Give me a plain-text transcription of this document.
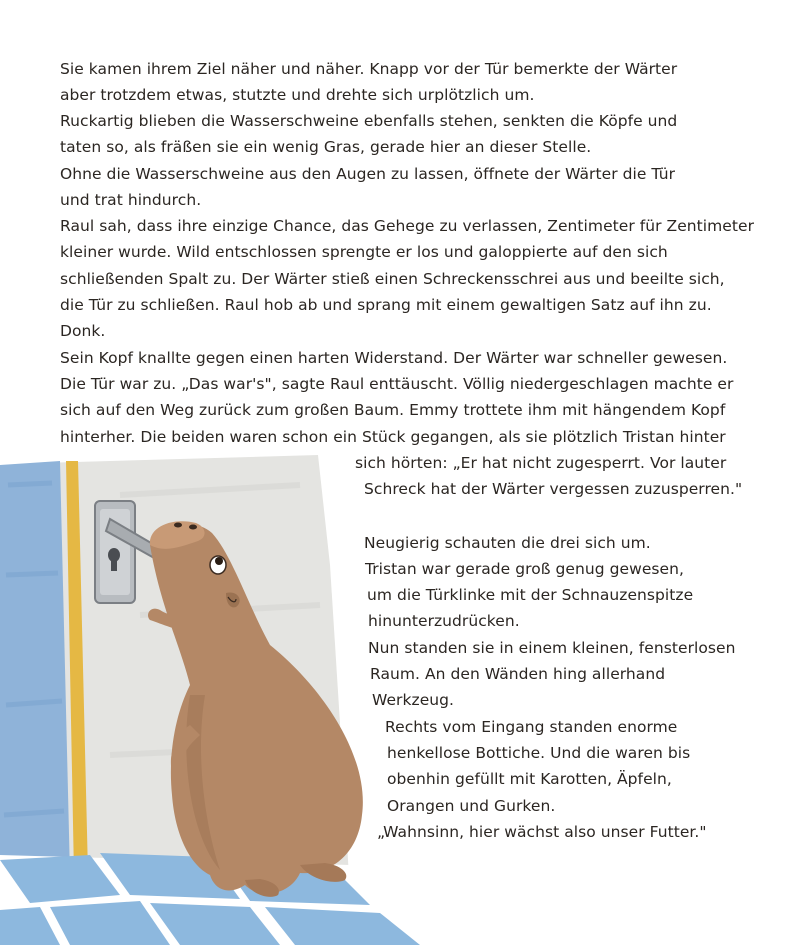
Sie kamen ihrem Ziel näher und näher. Knapp vor der Tür bemerkte der Wärter
aber trotzdem etwas, stutzte und drehte sich urplötzlich um.
Ruckartig blieben die Wasserschweine ebenfalls stehen, senkten die Köpfe und
taten so, als fräßen sie ein wenig Gras, gerade hier an dieser Stelle.
Ohne die Wasserschweine aus den Augen zu lassen, öffnete der Wärter die Tür
und trat hindurch.
Raul sah, dass ihre einzige Chance, das Gehege zu verlassen, Zentimeter für Zentimeter
kleiner wurde. Wild entschlossen sprengte er los und galoppierte auf den sich
schließenden Spalt zu. Der Wärter stieß einen Schreckensschrei aus und beeilte sich,
die Tür zu schließen. Raul hob ab und sprang mit einem gewaltigen Satz auf ihn zu.
Donk.
Sein Kopf knallte gegen einen harten Widerstand. Der Wärter war schneller gewesen.
Die Tür war zu. „Das war's", sagte Raul enttäuscht. Völlig niedergeschlagen machte er
sich auf den Weg zurück zum großen Baum. Emmy trottete ihm mit hängendem Kopf
hinterher. Die beiden waren schon ein Stück gegangen, als sie plötzlich Tristan hinter
sich hörten: „Er hat nicht zugesperrt. Vor lauter
Schreck hat der Wärter vergessen zuzusperren."
Neugierig schauten die drei sich um.
Tristan war gerade groß genug gewesen,
um die Türklinke mit der Schnauzenspitze
hinunterzudrücken.
Nun standen sie in einem kleinen, fensterlosen
Raum. An den Wänden hing allerhand
Werkzeug.
Rechts vom Eingang standen enorme
henkellose Bottiche. Und die waren bis
obenhin gefüllt mit Karotten, Äpfeln,
Orangen und Gurken.
„Wahnsinn, hier wächst also unser Futter."
